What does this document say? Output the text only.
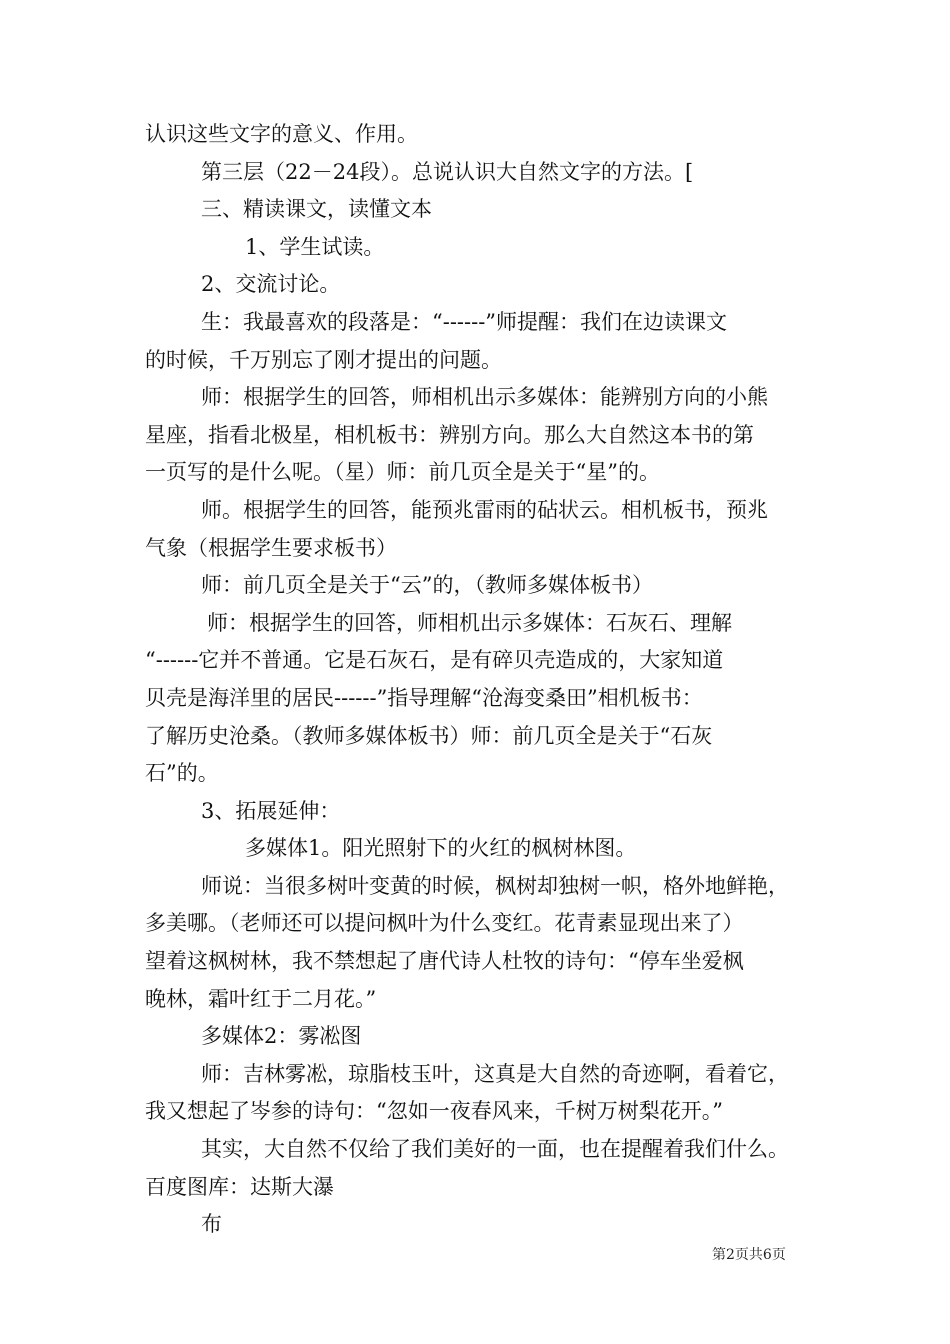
认识这些文字的意义、作用。
第三层（22－24段）。总说认识大自然文字的方法。[
三、精读课文，读懂文本
1、学生试读。
2、交流讨论。
生：我最喜欢的段落是：“------”师提醒：我们在边读课文
的时候，千万别忘了刚才提出的问题。
师：根据学生的回答，师相机出示多媒体：能辨别方向的小熊
星座，指看北极星，相机板书：辨别方向。那么大自然这本书的第
一页写的是什么呢。（星）师：前几页全是关于“星”的。
师。根据学生的回答，能预兆雷雨的砧状云。相机板书，预兆
气象（根据学生要求板书）
师：前几页全是关于“云”的，（教师多媒体板书）
师：根据学生的回答，师相机出示多媒体：石灰石、理解
“------它并不普通。它是石灰石，是有碎贝壳造成的，大家知道
贝壳是海洋里的居民------”指导理解“沧海变桑田”相机板书：
了解历史沧桑。（教师多媒体板书）师：前几页全是关于“石灰
石”的。
3、拓展延伸：
多媒体1。阳光照射下的火红的枫树林图。
师说：当很多树叶变黄的时候，枫树却独树一帜，格外地鲜艳，
多美哪。（老师还可以提问枫叶为什么变红。花青素显现出来了）
望着这枫树林，我不禁想起了唐代诗人杜牧的诗句：“停车坐爱枫
晚林，霜叶红于二月花。”
多媒体2：雾凇图
师：吉林雾凇，琼脂枝玉叶，这真是大自然的奇迹啊，看着它，
我又想起了岑参的诗句：“忽如一夜春风来，千树万树梨花开。”
其实，大自然不仅给了我们美好的一面，也在提醒着我们什么。
百度图库：达斯大瀑
布
第2页共6页
